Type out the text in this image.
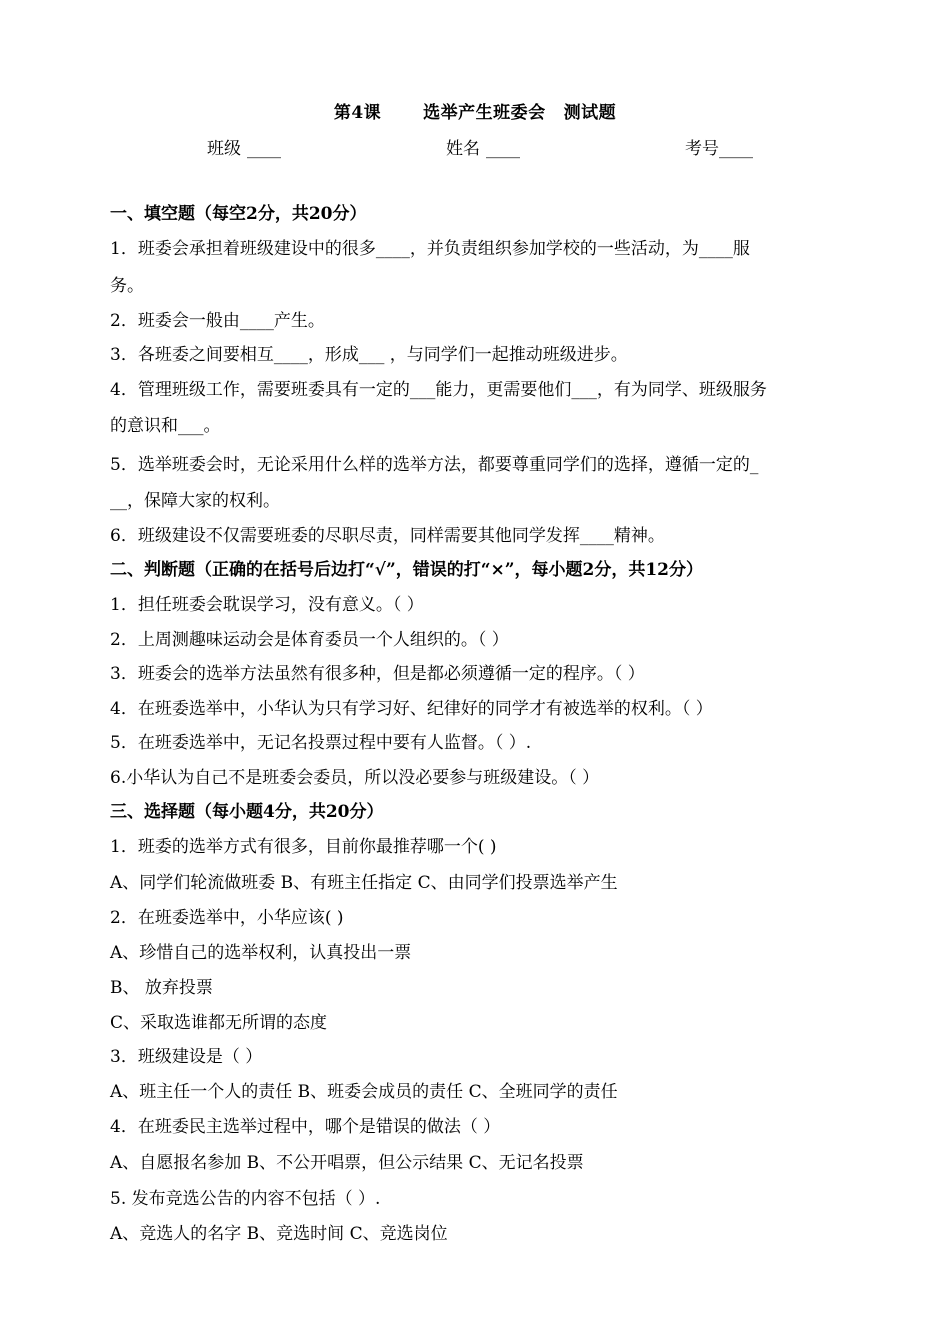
第4课 选举产生班委会 测试题
班级 ____	姓名 ____	考号____
一、填空题（每空2分，共20分）
1．班委会承担着班级建设中的很多____，并负责组织参加学校的一些活动，为____服
务。
2．班委会一般由____产生。
3．各班委之间要相互____，形成___ ，与同学们一起推动班级进步。
4．管理班级工作，需要班委具有一定的___能力，更需要他们___，有为同学、班级服务
的意识和___。
5．选举班委会时，无论采用什么样的选举方法，都要尊重同学们的选择，遵循一定的_
__，保障大家的权利。
6．班级建设不仅需要班委的尽职尽责，同样需要其他同学发挥____精神。
二、判断题（正确的在括号后边打“√”，错误的打“×”，每小题2分，共12分）
1．担任班委会耽误学习，没有意义。（ ）
2．上周测趣味运动会是体育委员一个人组织的。（ ）
3．班委会的选举方法虽然有很多种，但是都必须遵循一定的程序。（ ）
4．在班委选举中，小华认为只有学习好、纪律好的同学才有被选举的权利。（ ）
5．在班委选举中，无记名投票过程中要有人监督。（ ）.
6.小华认为自己不是班委会委员，所以没必要参与班级建设。（ ）
三、选择题（每小题4分，共20分）
1．班委的选举方式有很多，目前你最推荐哪一个( )
A、同学们轮流做班委 B、有班主任指定 C、由同学们投票选举产生
2．在班委选举中，小华应该( )
A、珍惜自己的选举权利，认真投出一票
B、 放弃投票
C、采取选谁都无所谓的态度
3．班级建设是（ ）
A、班主任一个人的责任 B、班委会成员的责任 C、全班同学的责任
4．在班委民主选举过程中，哪个是错误的做法（ ）
A、自愿报名参加 B、不公开唱票，但公示结果 C、无记名投票
5. 发布竞选公告的内容不包括（ ）.
A、竞选人的名字 B、竞选时间 C、竞选岗位
